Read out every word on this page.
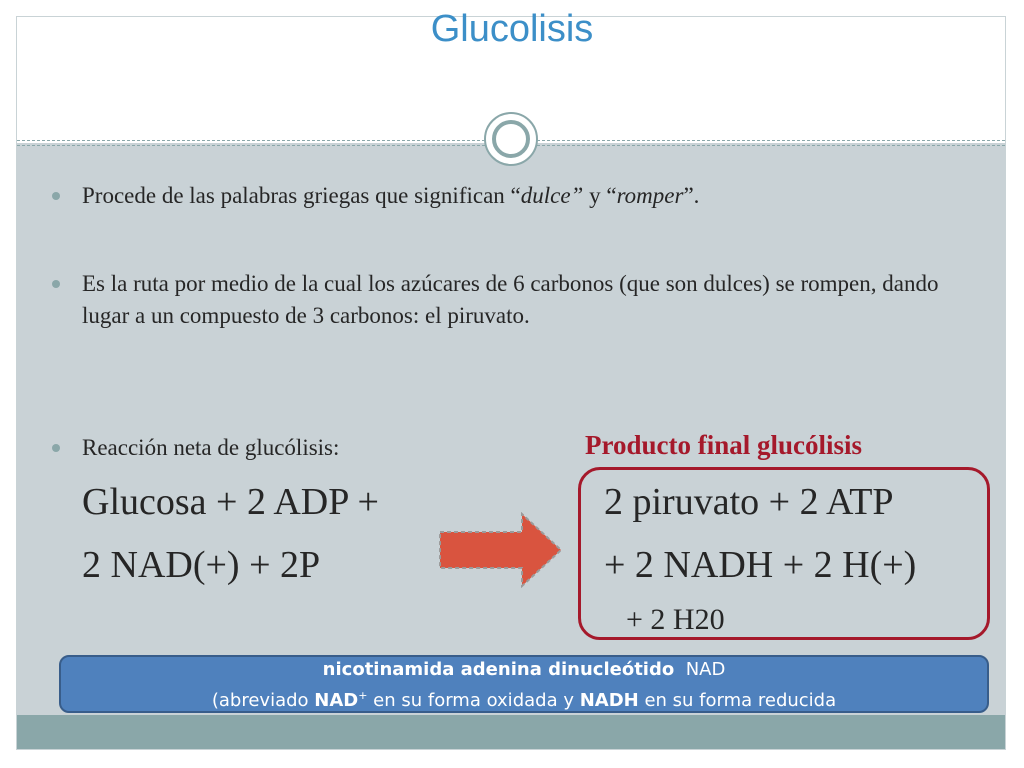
Glucolisis
Procede de las palabras griegas que significan “dulce” y “romper”.
Es la ruta por medio de la cual los azúcares de 6 carbonos (que son dulces) se rompen, dando lugar a un compuesto de 3 carbonos: el piruvato.
Reacción neta de glucólisis:	Producto final glucólisis
Glucosa + 2 ADP +
2 NAD(+) + 2P
2 piruvato + 2 ATP
+ 2 NADH + 2 H(+)
+ 2 H20
nicotinamida adenina dinucleótido NAD
(abreviado NAD+ en su forma oxidada y NADH en su forma reducida
